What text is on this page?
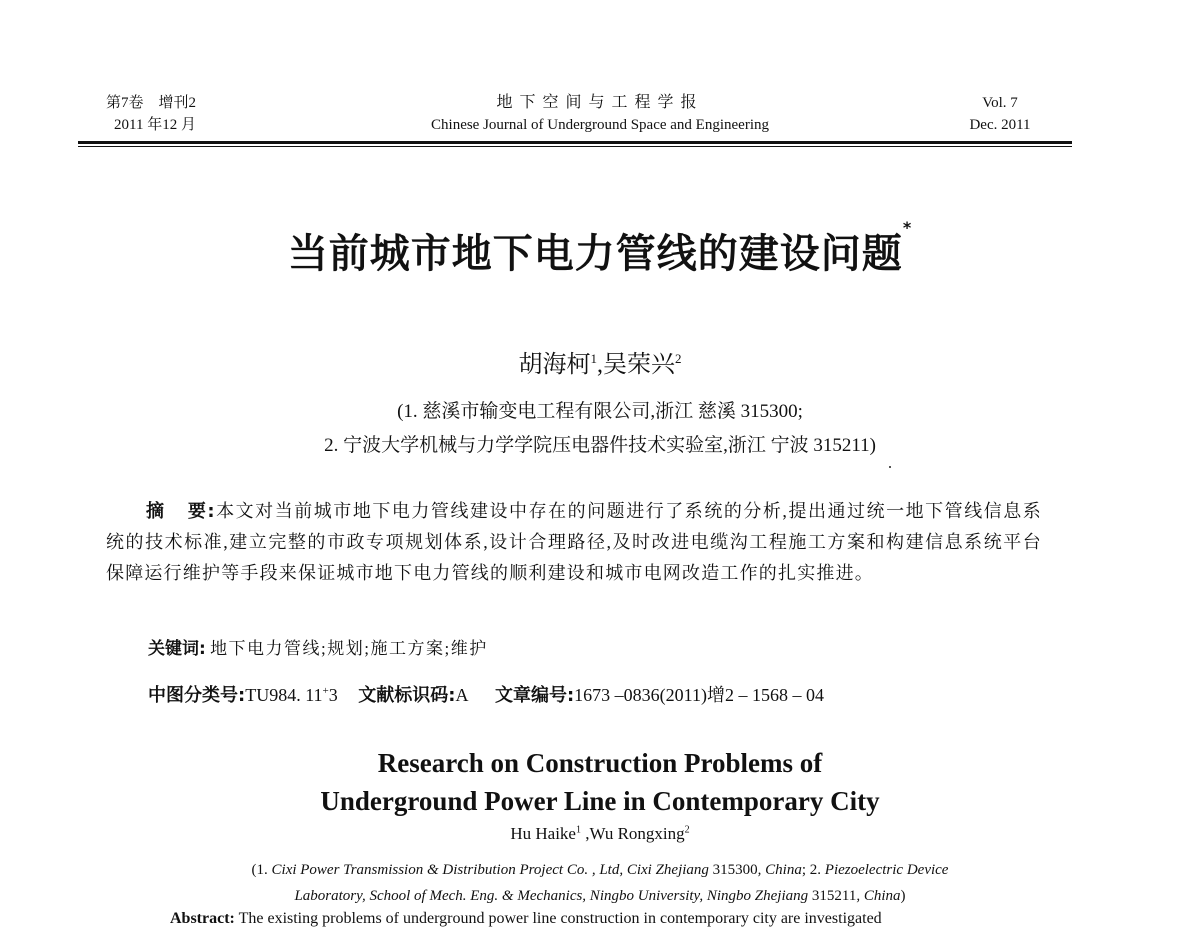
第7卷　增刊2
2011 年12 月
地下空间与工程学报
Chinese Journal of Underground Space and Engineering
Vol. 7
Dec. 2011
当前城市地下电力管线的建设问题*
胡海柯$^1$,吴荣兴$^2$
(1. 慈溪市输变电工程有限公司,浙江 慈溪 315300;
2. 宁波大学机械与力学学院压电器件技术实验室,浙江 宁波 315211)
摘 要:本文对当前城市地下电力管线建设中存在的问题进行了系统的分析,提出通过统一地下管线信息系统的技术标准,建立完整的市政专项规划体系,设计合理路径,及时改进电缆沟工程施工方案和构建信息系统平台保障运行维护等手段来保证城市地下电力管线的顺利建设和城市电网改造工作的扎实推进。
关键词: 地下电力管线;规划;施工方案;维护
中图分类号:TU984. 11+3 文献标识码:A 文章编号:1673 –0836(2011)增2 – 1568 – 04
Research on Construction Problems of
Underground Power Line in Contemporary City
Hu Haike$^1$ ,Wu Rongxing$^2$
(1. Cixi Power Transmission & Distribution Project Co. , Ltd, Cixi Zhejiang 315300, China; 2. Piezoelectric Device
Laboratory, School of Mech. Eng. & Mechanics, Ningbo University, Ningbo Zhejiang 315211, China)
Abstract: The existing problems of underground power line construction in contemporary city are investigated
